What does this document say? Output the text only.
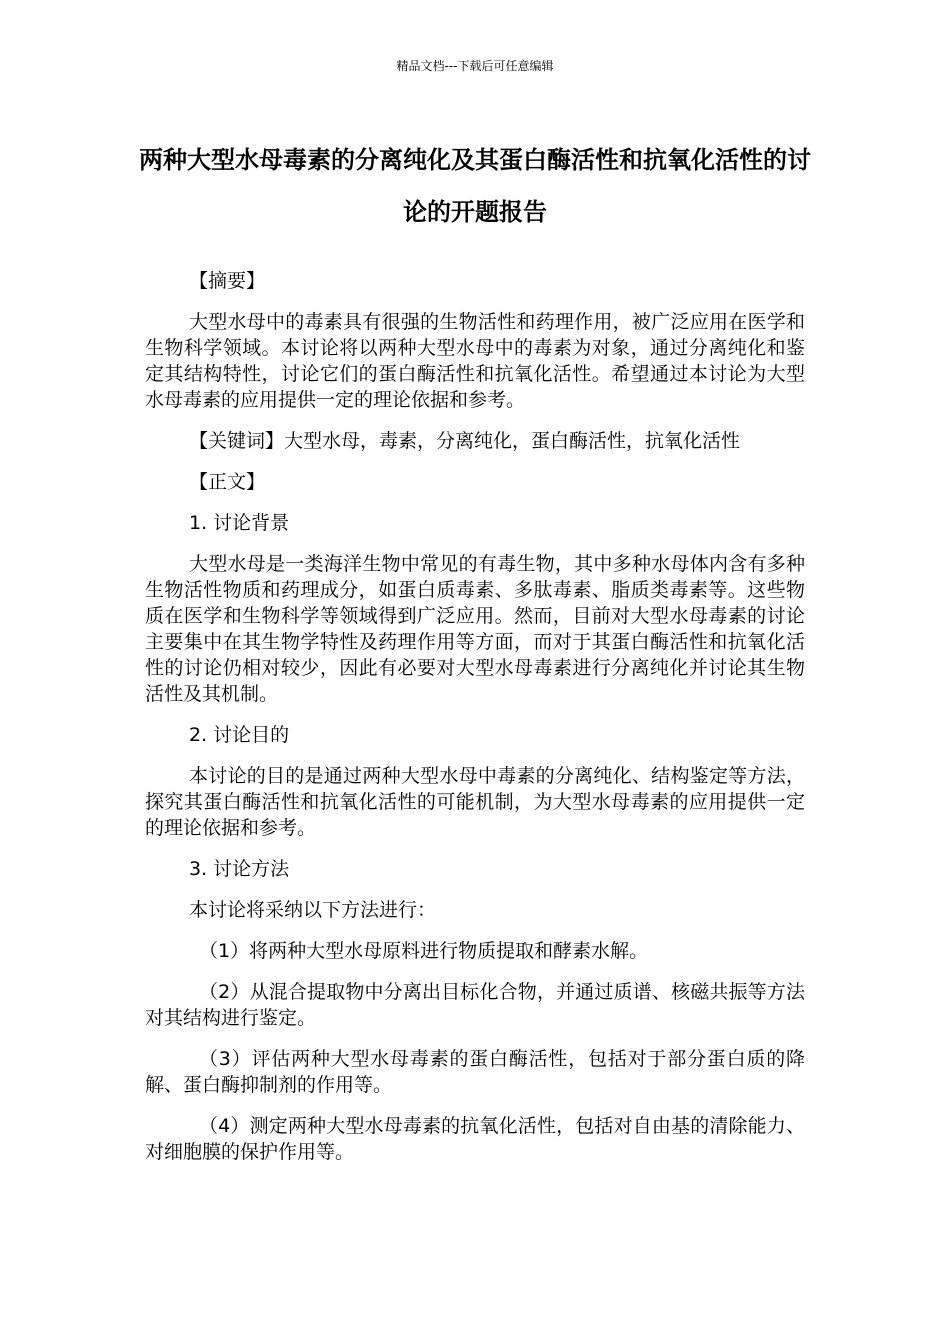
精品文档---下载后可任意编辑
两种大型水母毒素的分离纯化及其蛋白酶活性和抗氧化活性的讨论的开题报告

【摘要】

大型水母中的毒素具有很强的生物活性和药理作用，被广泛应用在医学和生物科学领域。本讨论将以两种大型水母中的毒素为对象，通过分离纯化和鉴定其结构特性，讨论它们的蛋白酶活性和抗氧化活性。希望通过本讨论为大型水母毒素的应用提供一定的理论依据和参考。

【关键词】大型水母，毒素，分离纯化，蛋白酶活性，抗氧化活性

【正文】

1. 讨论背景

大型水母是一类海洋生物中常见的有毒生物，其中多种水母体内含有多种生物活性物质和药理成分，如蛋白质毒素、多肽毒素、脂质类毒素等。这些物质在医学和生物科学等领域得到广泛应用。然而，目前对大型水母毒素的讨论主要集中在其生物学特性及药理作用等方面，而对于其蛋白酶活性和抗氧化活性的讨论仍相对较少，因此有必要对大型水母毒素进行分离纯化并讨论其生物活性及其机制。

2. 讨论目的

本讨论的目的是通过两种大型水母中毒素的分离纯化、结构鉴定等方法，探究其蛋白酶活性和抗氧化活性的可能机制，为大型水母毒素的应用提供一定的理论依据和参考。

3. 讨论方法

本讨论将采纳以下方法进行：

（1）将两种大型水母原料进行物质提取和酵素水解。

（2）从混合提取物中分离出目标化合物，并通过质谱、核磁共振等方法对其结构进行鉴定。

（3）评估两种大型水母毒素的蛋白酶活性，包括对于部分蛋白质的降解、蛋白酶抑制剂的作用等。

（4）测定两种大型水母毒素的抗氧化活性，包括对自由基的清除能力、对细胞膜的保护作用等。
